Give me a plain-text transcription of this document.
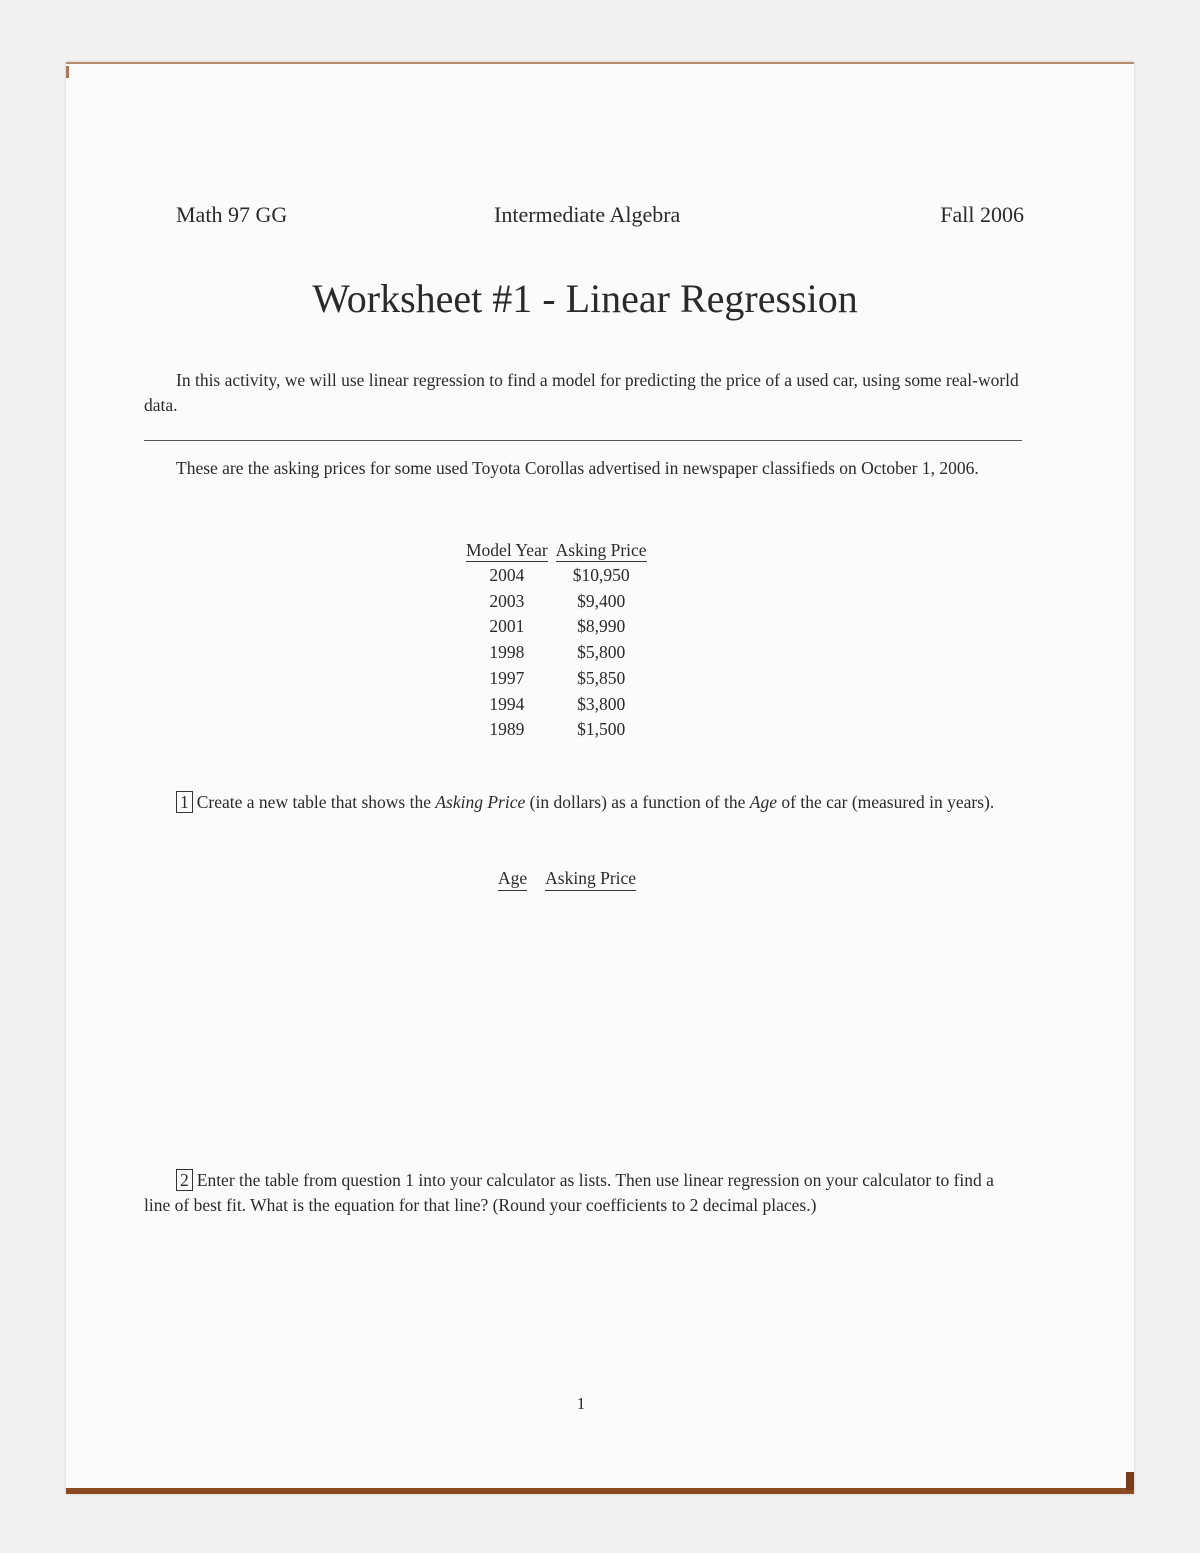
Math 97 GG	Intermediate Algebra	Fall 2006
Worksheet #1 - Linear Regression

In this activity, we will use linear regression to find a model for predicting the price of a used car, using some real-world data.

These are the asking prices for some used Toyota Corollas advertised in newspaper classifieds on October 1, 2006.

Model Year	Asking Price
2004	$10,950
2003	$9,400
2001	$8,990
1998	$5,800
1997	$5,850
1994	$3,800
1989	$1,500

1 Create a new table that shows the Asking Price (in dollars) as a function of the Age of the car (measured in years).

Age Asking Price

2 Enter the table from question 1 into your calculator as lists. Then use linear regression on your calculator to find a line of best fit. What is the equation for that line? (Round your coefficients to 2 decimal places.)

1
